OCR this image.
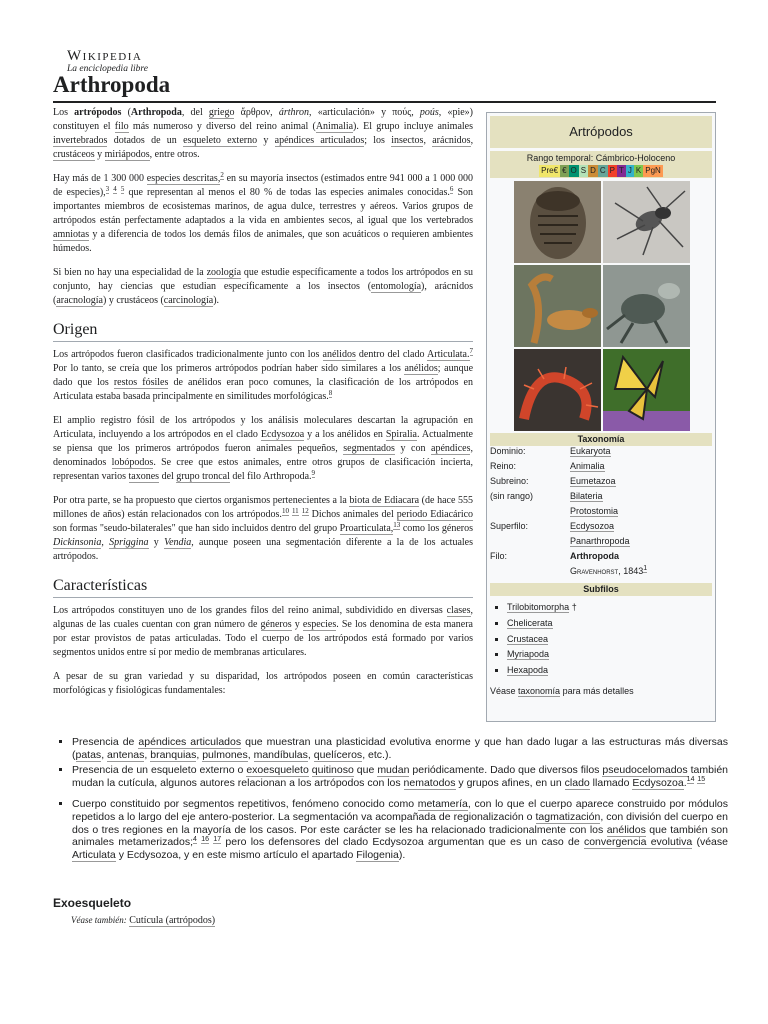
Wikipedia
La enciclopedia libre
Arthropoda

Los artrópodos (Arthropoda, del griego ἄρθρον, árthron, «articulación» y πούς, poús, «pie») constituyen el filo más numeroso y diverso del reino animal (Animalia). El grupo incluye animales invertebrados dotados de un esqueleto externo y apéndices articulados; los insectos, arácnidos, crustáceos y miriápodos, entre otros.

Hay más de 1 300 000 especies descritas,$^2$ en su mayoría insectos (estimados entre 941 000 a 1 000 000 de especies),$^3$ $^4$ $^5$ que representan al menos el 80 % de todas las especies animales conocidas.$^6$ Son importantes miembros de ecosistemas marinos, de agua dulce, terrestres y aéreos. Varios grupos de artrópodos están perfectamente adaptados a la vida en ambientes secos, al igual que los vertebrados amniotas y a diferencia de todos los demás filos de animales, que son acuáticos o requieren ambientes húmedos.

Si bien no hay una especialidad de la zoología que estudie específicamente a todos los artrópodos en su conjunto, hay ciencias que estudian específicamente a los insectos (entomología), arácnidos (aracnología) y crustáceos (carcinología).

Origen

Los artrópodos fueron clasificados tradicionalmente junto con los anélidos dentro del clado Articulata.$^7$ Por lo tanto, se creía que los primeros artrópodos podrían haber sido similares a los anélidos; aunque dado que los restos fósiles de anélidos eran poco comunes, la clasificación de los artrópodos en Articulata estaba basada principalmente en similitudes morfológicas.$^8$

El amplio registro fósil de los artrópodos y los análisis moleculares descartan la agrupación en Articulata, incluyendo a los artrópodos en el clado Ecdysozoa y a los anélidos en Spiralia. Actualmente se piensa que los primeros artrópodos fueron animales pequeños, segmentados y con apéndices, denominados lobópodos. Se cree que estos animales, entre otros grupos de clasificación incierta, representan varios taxones del grupo troncal del filo Arthropoda.$^9$

Por otra parte, se ha propuesto que ciertos organismos pertenecientes a la biota de Ediacara (de hace 555 millones de años) están relacionados con los artrópodos.$^{10}$ $^{11}$ $^{12}$ Dichos animales del periodo Ediacárico son formas "seudo-bilaterales" que han sido incluidos dentro del grupo Proarticulata,$^{13}$ como los géneros Dickinsonia, Spriggina y Vendia, aunque poseen una segmentación diferente a la de los actuales artrópodos.

Características

Los artrópodos constituyen uno de los grandes filos del reino animal, subdividido en diversas clases, algunas de las cuales cuentan con gran número de géneros y especies. Se los denomina de esta manera por estar provistos de patas articuladas. Todo el cuerpo de los artrópodos está formado por varios segmentos unidos entre sí por medio de membranas articulares.

A pesar de su gran variedad y su disparidad, los artrópodos poseen en común características morfológicas y fisiológicas fundamentales:

Artrópodos
Rango temporal: Cámbrico-Holoceno
Pre€ € O S D C P T J K PgN
Taxonomía
Dominio:	Eukaryota
Reino:	Animalia
Subreino:	Eumetazoa
(sin rango)	Bilateria
	Protostomia
Superfilo:	Ecdysozoa
	Panarthropoda
Filo:	Arthropoda
	Gravenhorst, 1843$^1$
Subfilos
▪ Trilobitomorpha †
▪ Chelicerata
▪ Crustacea
▪ Myriapoda
▪ Hexapoda
Véase taxonomía para más detalles
▪ Presencia de apéndices articulados que muestran una plasticidad evolutiva enorme y que han dado lugar a las estructuras más diversas (patas, antenas, branquias, pulmones, mandíbulas, quelíceros, etc.).
▪ Presencia de un esqueleto externo o exoesqueleto quitinoso que mudan periódicamente. Dado que diversos filos pseudocelomados también mudan la cutícula, algunos autores relacionan a los artrópodos con los nematodos y grupos afines, en un clado llamado Ecdysozoa.$^{14}$ $^{15}$
▪ Cuerpo constituido por segmentos repetitivos, fenómeno conocido como metamería, con lo que el cuerpo aparece construido por módulos repetidos a lo largo del eje antero-posterior. La segmentación va acompañada de regionalización o tagmatización, con división del cuerpo en dos o tres regiones en la mayoría de los casos. Por este carácter se les ha relacionado tradicionalmente con los anélidos que también son animales metamerizados;$^4$ $^{16}$ $^{17}$ pero los defensores del clado Ecdysozoa argumentan que es un caso de convergencia evolutiva (véase Articulata y Ecdysozoa, y en este mismo artículo el apartado Filogenia).
Exoesqueleto
Véase también: Cutícula (artrópodos)
